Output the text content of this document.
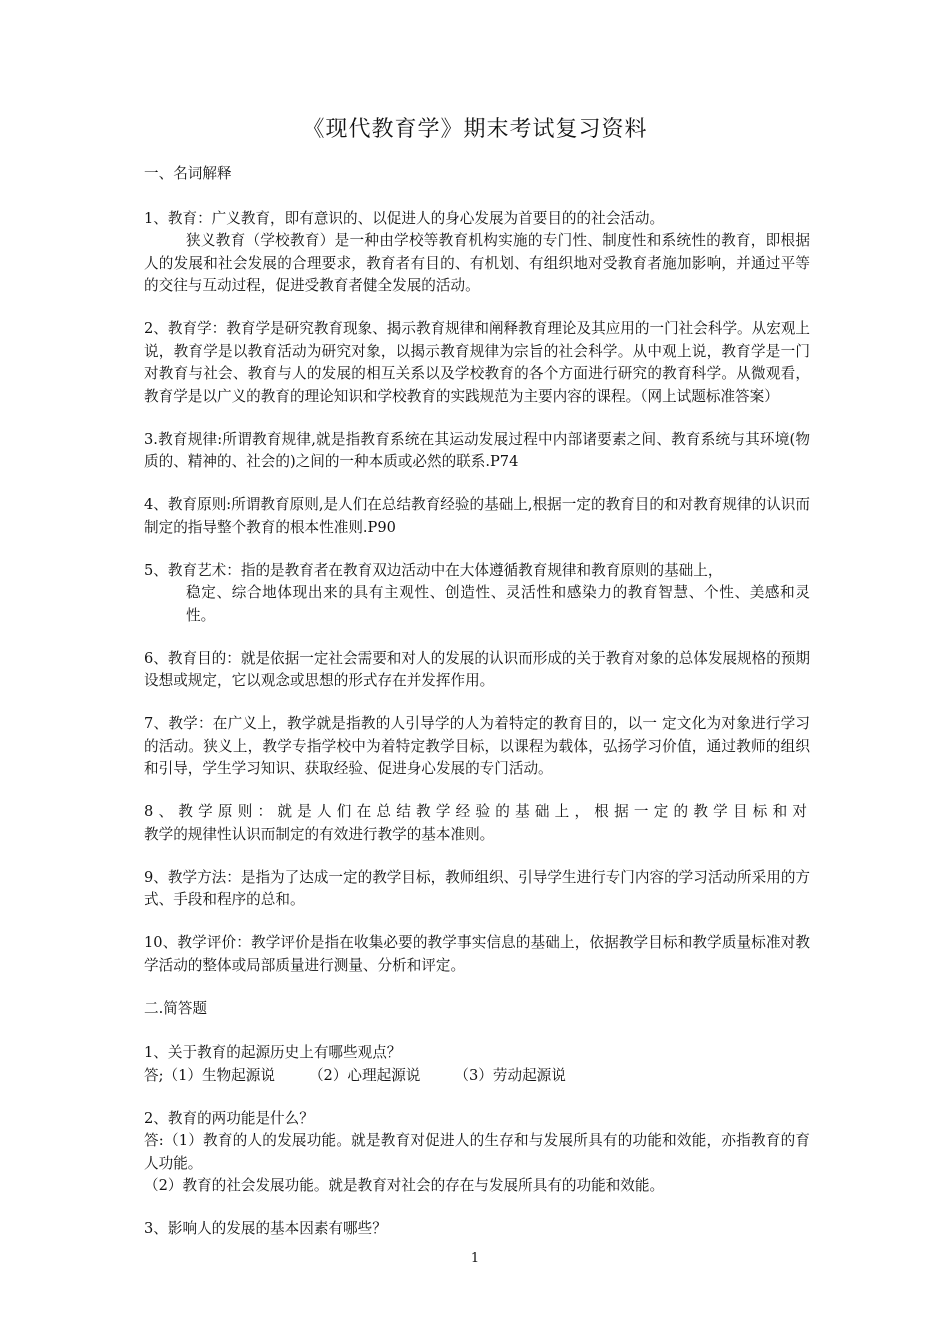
《现代教育学》期末考试复习资料
一、名词解释
1、教育：广义教育，即有意识的、以促进人的身心发展为首要目的的社会活动。
狭义教育（学校教育）是一种由学校等教育机构实施的专门性、制度性和系统性的教育，即根据人的发展和社会发展的合理要求，教育者有目的、有机划、有组织地对受教育者施加影响，并通过平等的交往与互动过程，促进受教育者健全发展的活动。
2、教育学：教育学是研究教育现象、揭示教育规律和阐释教育理论及其应用的一门社会科学。从宏观上说，教育学是以教育活动为研究对象，以揭示教育规律为宗旨的社会科学。从中观上说，教育学是一门对教育与社会、教育与人的发展的相互关系以及学校教育的各个方面进行研究的教育科学。从微观看，教育学是以广义的教育的理论知识和学校教育的实践规范为主要内容的课程。（网上试题标准答案）
3.教育规律:所谓教育规律,就是指教育系统在其运动发展过程中内部诸要素之间、教育系统与其环境(物质的、精神的、社会的)之间的一种本质或必然的联系.P74
4、教育原则:所谓教育原则,是人们在总结教育经验的基础上,根据一定的教育目的和对教育规律的认识而制定的指导整个教育的根本性准则.P90
5、教育艺术：指的是教育者在教育双边活动中在大体遵循教育规律和教育原则的基础上，
稳定、综合地体现出来的具有主观性、创造性、灵活性和感染力的教育智慧、个性、美感和灵性。
6、教育目的：就是依据一定社会需要和对人的发展的认识而形成的关于教育对象的总体发展规格的预期设想或规定，它以观念或思想的形式存在并发挥作用。
7、教学：在广义上，教学就是指教的人引导学的人为着特定的教育目的，以一 定文化为对象进行学习的活动。狭义上，教学专指学校中为着特定教学目标，以课程为载体，弘扬学习价值，通过教师的组织和引导，学生学习知识、获取经验、促进身心发展的专门活动。
8、教学原则：就是人们在总结教学经验的基础上，根据一定的教学目标和对
教学的规律性认识而制定的有效进行教学的基本准则。
9、教学方法：是指为了达成一定的教学目标，教师组织、引导学生进行专门内容的学习活动所采用的方式、手段和程序的总和。
10、教学评价：教学评价是指在收集必要的教学事实信息的基础上，依据教学目标和教学质量标准对教学活动的整体或局部质量进行测量、分析和评定。
二.简答题
1、关于教育的起源历史上有哪些观点？
答;（1）生物起源说 （2）心理起源说 （3）劳动起源说
2、教育的两功能是什么？
答:（1）教育的人的发展功能。就是教育对促进人的生存和与发展所具有的功能和效能，亦指教育的育人功能。
（2）教育的社会发展功能。就是教育对社会的存在与发展所具有的功能和效能。
3、影响人的发展的基本因素有哪些？
1
